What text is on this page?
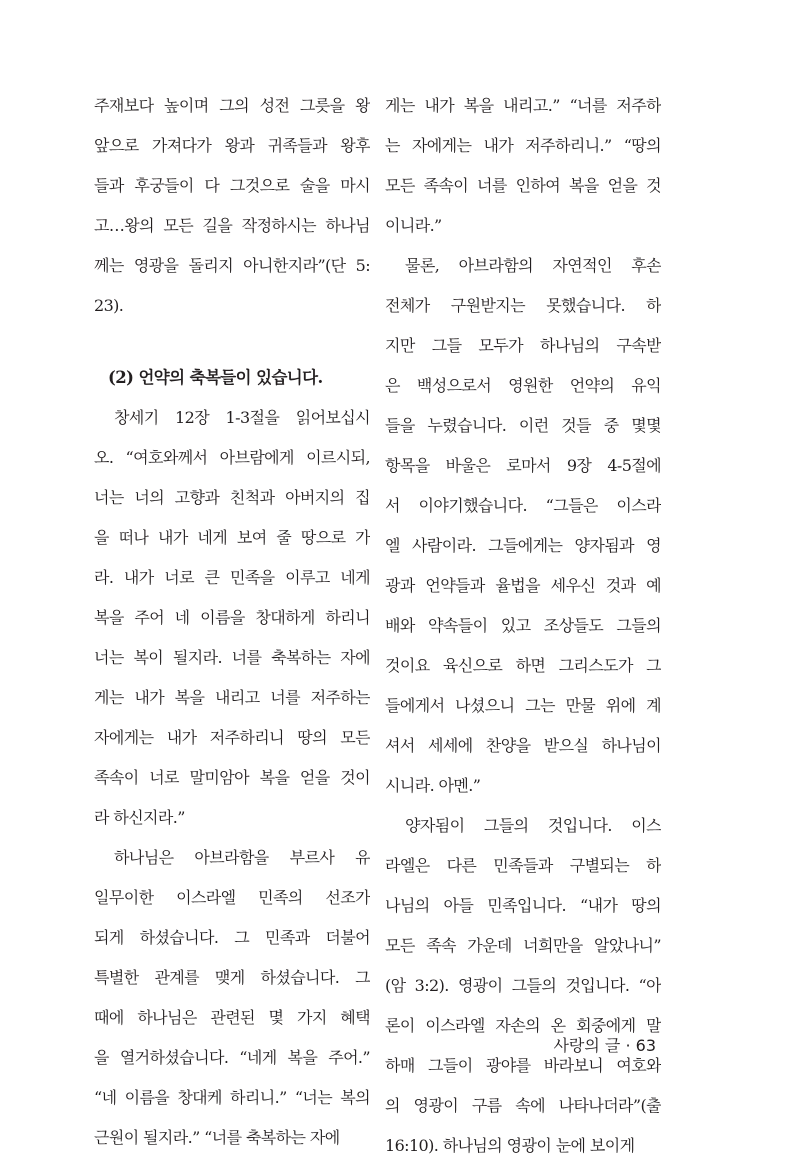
주재보다 높이며 그의 성전 그릇을 왕
앞으로 가져다가 왕과 귀족들과 왕후
들과 후궁들이 다 그것으로 술을 마시
고…왕의 모든 길을 작정하시는 하나님
께는 영광을 돌리지 아니한지라”(단 5:
23).
(2) 언약의 축복들이 있습니다.
창세기 12장 1-3절을 읽어보십시
오. “여호와께서 아브람에게 이르시되,
너는 너의 고향과 친척과 아버지의 집
을 떠나 내가 네게 보여 줄 땅으로 가
라. 내가 너로 큰 민족을 이루고 네게
복을 주어 네 이름을 창대하게 하리니
너는 복이 될지라. 너를 축복하는 자에
게는 내가 복을 내리고 너를 저주하는
자에게는 내가 저주하리니 땅의 모든
족속이 너로 말미암아 복을 얻을 것이
라 하신지라.”
하나님은 아브라함을 부르사 유
일무이한 이스라엘 민족의 선조가
되게 하셨습니다. 그 민족과 더불어
특별한 관계를 맺게 하셨습니다. 그
때에 하나님은 관련된 몇 가지 혜택
을 열거하셨습니다. “네게 복을 주어.”
“네 이름을 창대케 하리니.” “너는 복의
근원이 될지라.” “너를 축복하는 자에
게는 내가 복을 내리고.” “너를 저주하
는 자에게는 내가 저주하리니.” “땅의
모든 족속이 너를 인하여 복을 얻을 것
이니라.”
물론, 아브라함의 자연적인 후손
전체가 구원받지는 못했습니다. 하
지만 그들 모두가 하나님의 구속받
은 백성으로서 영원한 언약의 유익
들을 누렸습니다. 이런 것들 중 몇몇
항목을 바울은 로마서 9장 4-5절에
서 이야기했습니다. “그들은 이스라
엘 사람이라. 그들에게는 양자됨과 영
광과 언약들과 율법을 세우신 것과 예
배와 약속들이 있고 조상들도 그들의
것이요 육신으로 하면 그리스도가 그
들에게서 나셨으니 그는 만물 위에 계
셔서 세세에 찬양을 받으실 하나님이
시니라. 아멘.”
양자됨이 그들의 것입니다. 이스
라엘은 다른 민족들과 구별되는 하
나님의 아들 민족입니다. “내가 땅의
모든 족속 가운데 너희만을 알았나니”
(암 3:2). 영광이 그들의 것입니다. “아
론이 이스라엘 자손의 온 회중에게 말
하매 그들이 광야를 바라보니 여호와
의 영광이 구름 속에 나타나더라”(출
16:10). 하나님의 영광이 눈에 보이게
사랑의 글 · 63
